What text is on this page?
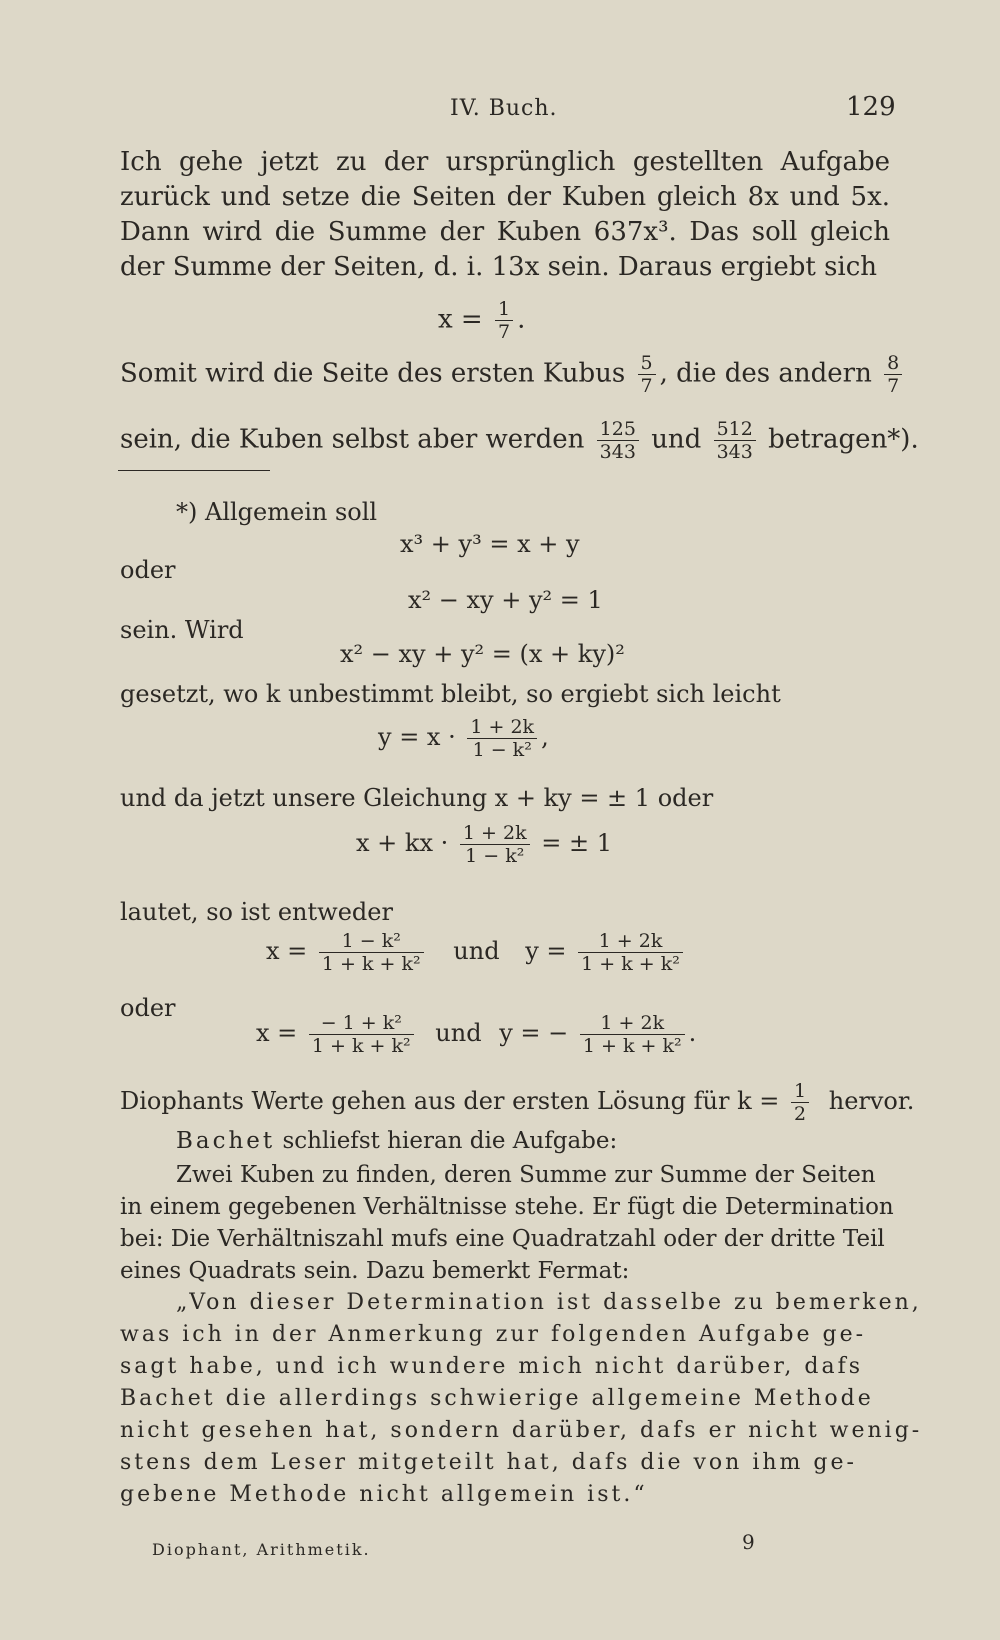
IV. Buch.	129
Ich gehe jetzt zu der ursprünglich gestellten Aufgabe
zurück und setze die Seiten der Kuben gleich 8x und 5x.
Dann wird die Summe der Kuben 637x³. Das soll gleich
der Summe der Seiten, d. i. 13x sein. Daraus ergiebt sich
$x = \frac{1}{7}$ .
Somit wird die Seite des ersten Kubus $\frac{5}{7}$ , die des andern $\frac{8}{7}$
sein, die Kuben selbst aber werden $\frac{125}{343}$ und $\frac{512}{343}$ betragen*).
*) Allgemein soll
x³ + y³ = x + y
oder
x² − xy + y² = 1
sein. Wird
x² − xy + y² = (x + ky)²
gesetzt, wo k unbestimmt bleibt, so ergiebt sich leicht
$y = x \cdot \frac{1 + 2k}{\text{1 − k²}}$ ,
und da jetzt unsere Gleichung x + ky = ± 1 oder
x + kx · $\frac{1 + 2k}{\text{1 − k²}}$ = ± 1
lautet, so ist entweder
$x = \frac{\text{1 − k²}}{\text{1 + k + k²}}$ und $y = \frac{1 + 2k}{\text{1 + k + k²}}$
oder
$x = \frac{\text{− 1 + k²}}{\text{1 + k + k²}}$ und y = − $\frac{1 + 2k}{\text{1 + k + k²}}$ .
Diophants Werte gehen aus der ersten Lösung für $k = \frac{1}{2}$ hervor.
Bachet schliefst hieran die Aufgabe:
Zwei Kuben zu finden, deren Summe zur Summe der Seiten
in einem gegebenen Verhältnisse stehe. Er fügt die Determination
bei: Die Verhältniszahl mufs eine Quadratzahl oder der dritte Teil
eines Quadrats sein. Dazu bemerkt Fermat:
„Von dieser Determination ist dasselbe zu bemerken,
was ich in der Anmerkung zur folgenden Aufgabe ge-
sagt habe, und ich wundere mich nicht darüber, dafs
Bachet die allerdings schwierige allgemeine Methode
nicht gesehen hat, sondern darüber, dafs er nicht wenig-
stens dem Leser mitgeteilt hat, dafs die von ihm ge-
gebene Methode nicht allgemein ist.“
Diophant, Arithmetik.	9
